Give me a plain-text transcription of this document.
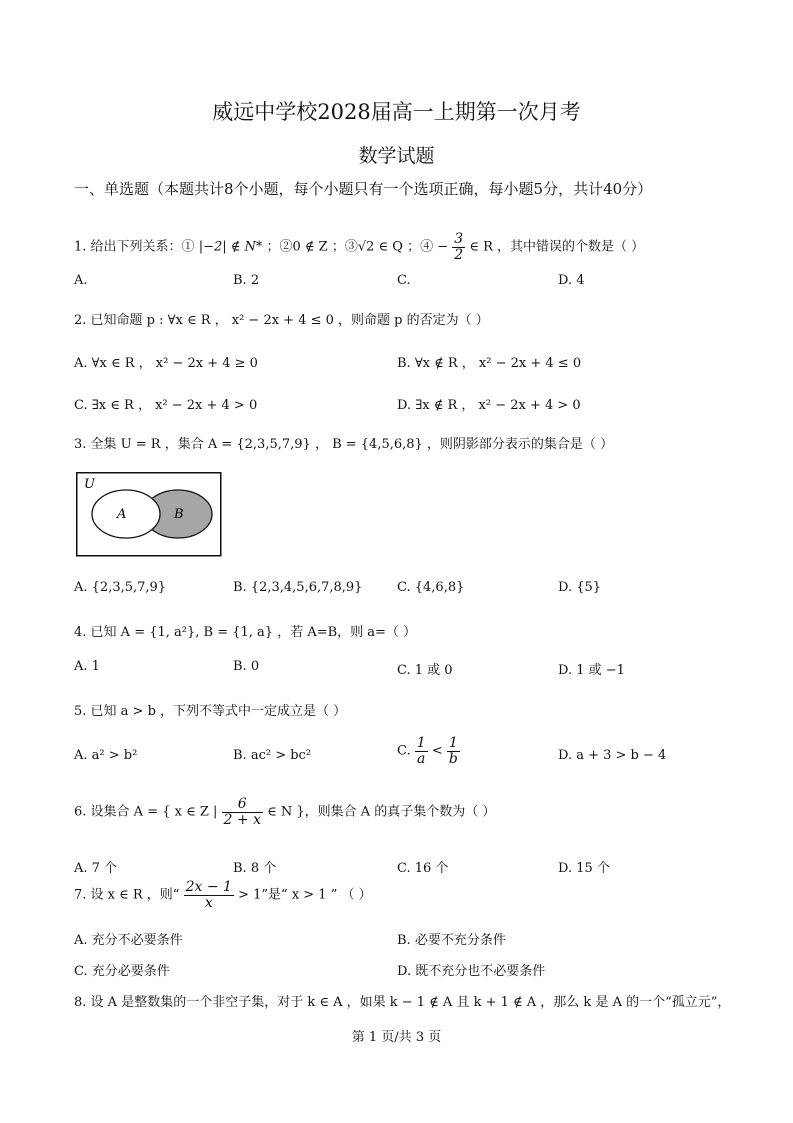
威远中学校2028届高一上期第一次月考
数学试题
一、单选题（本题共计8个小题，每个小题只有一个选项正确，每小题5分，共计40分）
1. 给出下列关系：① |−2| ∉ N* ；②0 ∉ Z ；③√2 ∈ Q ；④ − $\frac{3}{2}$ ∈ R ，其中错误的个数是（ ）
A.	B. 2	C.	D. 4
2. 已知命题 p : ∀x ∈ R ， x² − 2x + 4 ≤ 0 ，则命题 p 的否定为（ ）
A. ∀x ∈ R ， x² − 2x + 4 ≥ 0	B. ∀x ∉ R ， x² − 2x + 4 ≤ 0
C. ∃x ∈ R ， x² − 2x + 4 > 0	D. ∃x ∉ R ， x² − 2x + 4 > 0
3. 全集 U = R ，集合 A = {2,3,5,7,9} ， B = {4,5,6,8} ，则阴影部分表示的集合是（ ）
U
A	B
A. {2,3,5,7,9}	B. {2,3,4,5,6,7,8,9}	C. {4,6,8}	D. {5}
4. 已知 A = {1, a²}, B = {1, a} ，若 A=B，则 a=（ ）
A. 1	B. 0	C. 1 或 0	D. 1 或 −1
5. 已知 a > b ，下列不等式中一定成立是（ ）
A. a² > b²	B. ac² > bc²	C. $\frac{1}{a} < \frac{1}{b}$	D. a + 3 > b − 4
6. 设集合 A = { x ∈ Z | $\frac{6}{2 + x}$ ∈ N }，则集合 A 的真子集个数为（ ）
A. 7 个	B. 8 个	C. 16 个	D. 15 个
7. 设 x ∈ R ，则“ $\frac{2x - 1}{x} > 1$”是“ x > 1 ” （ ）
A. 充分不必要条件	B. 必要不充分条件
C. 充分必要条件	D. 既不充分也不必要条件
8. 设 A 是整数集的一个非空子集，对于 k ∈ A ，如果 k − 1 ∉ A 且 k + 1 ∉ A ，那么 k 是 A 的一个“孤立元”，
第 1 页/共 3 页
